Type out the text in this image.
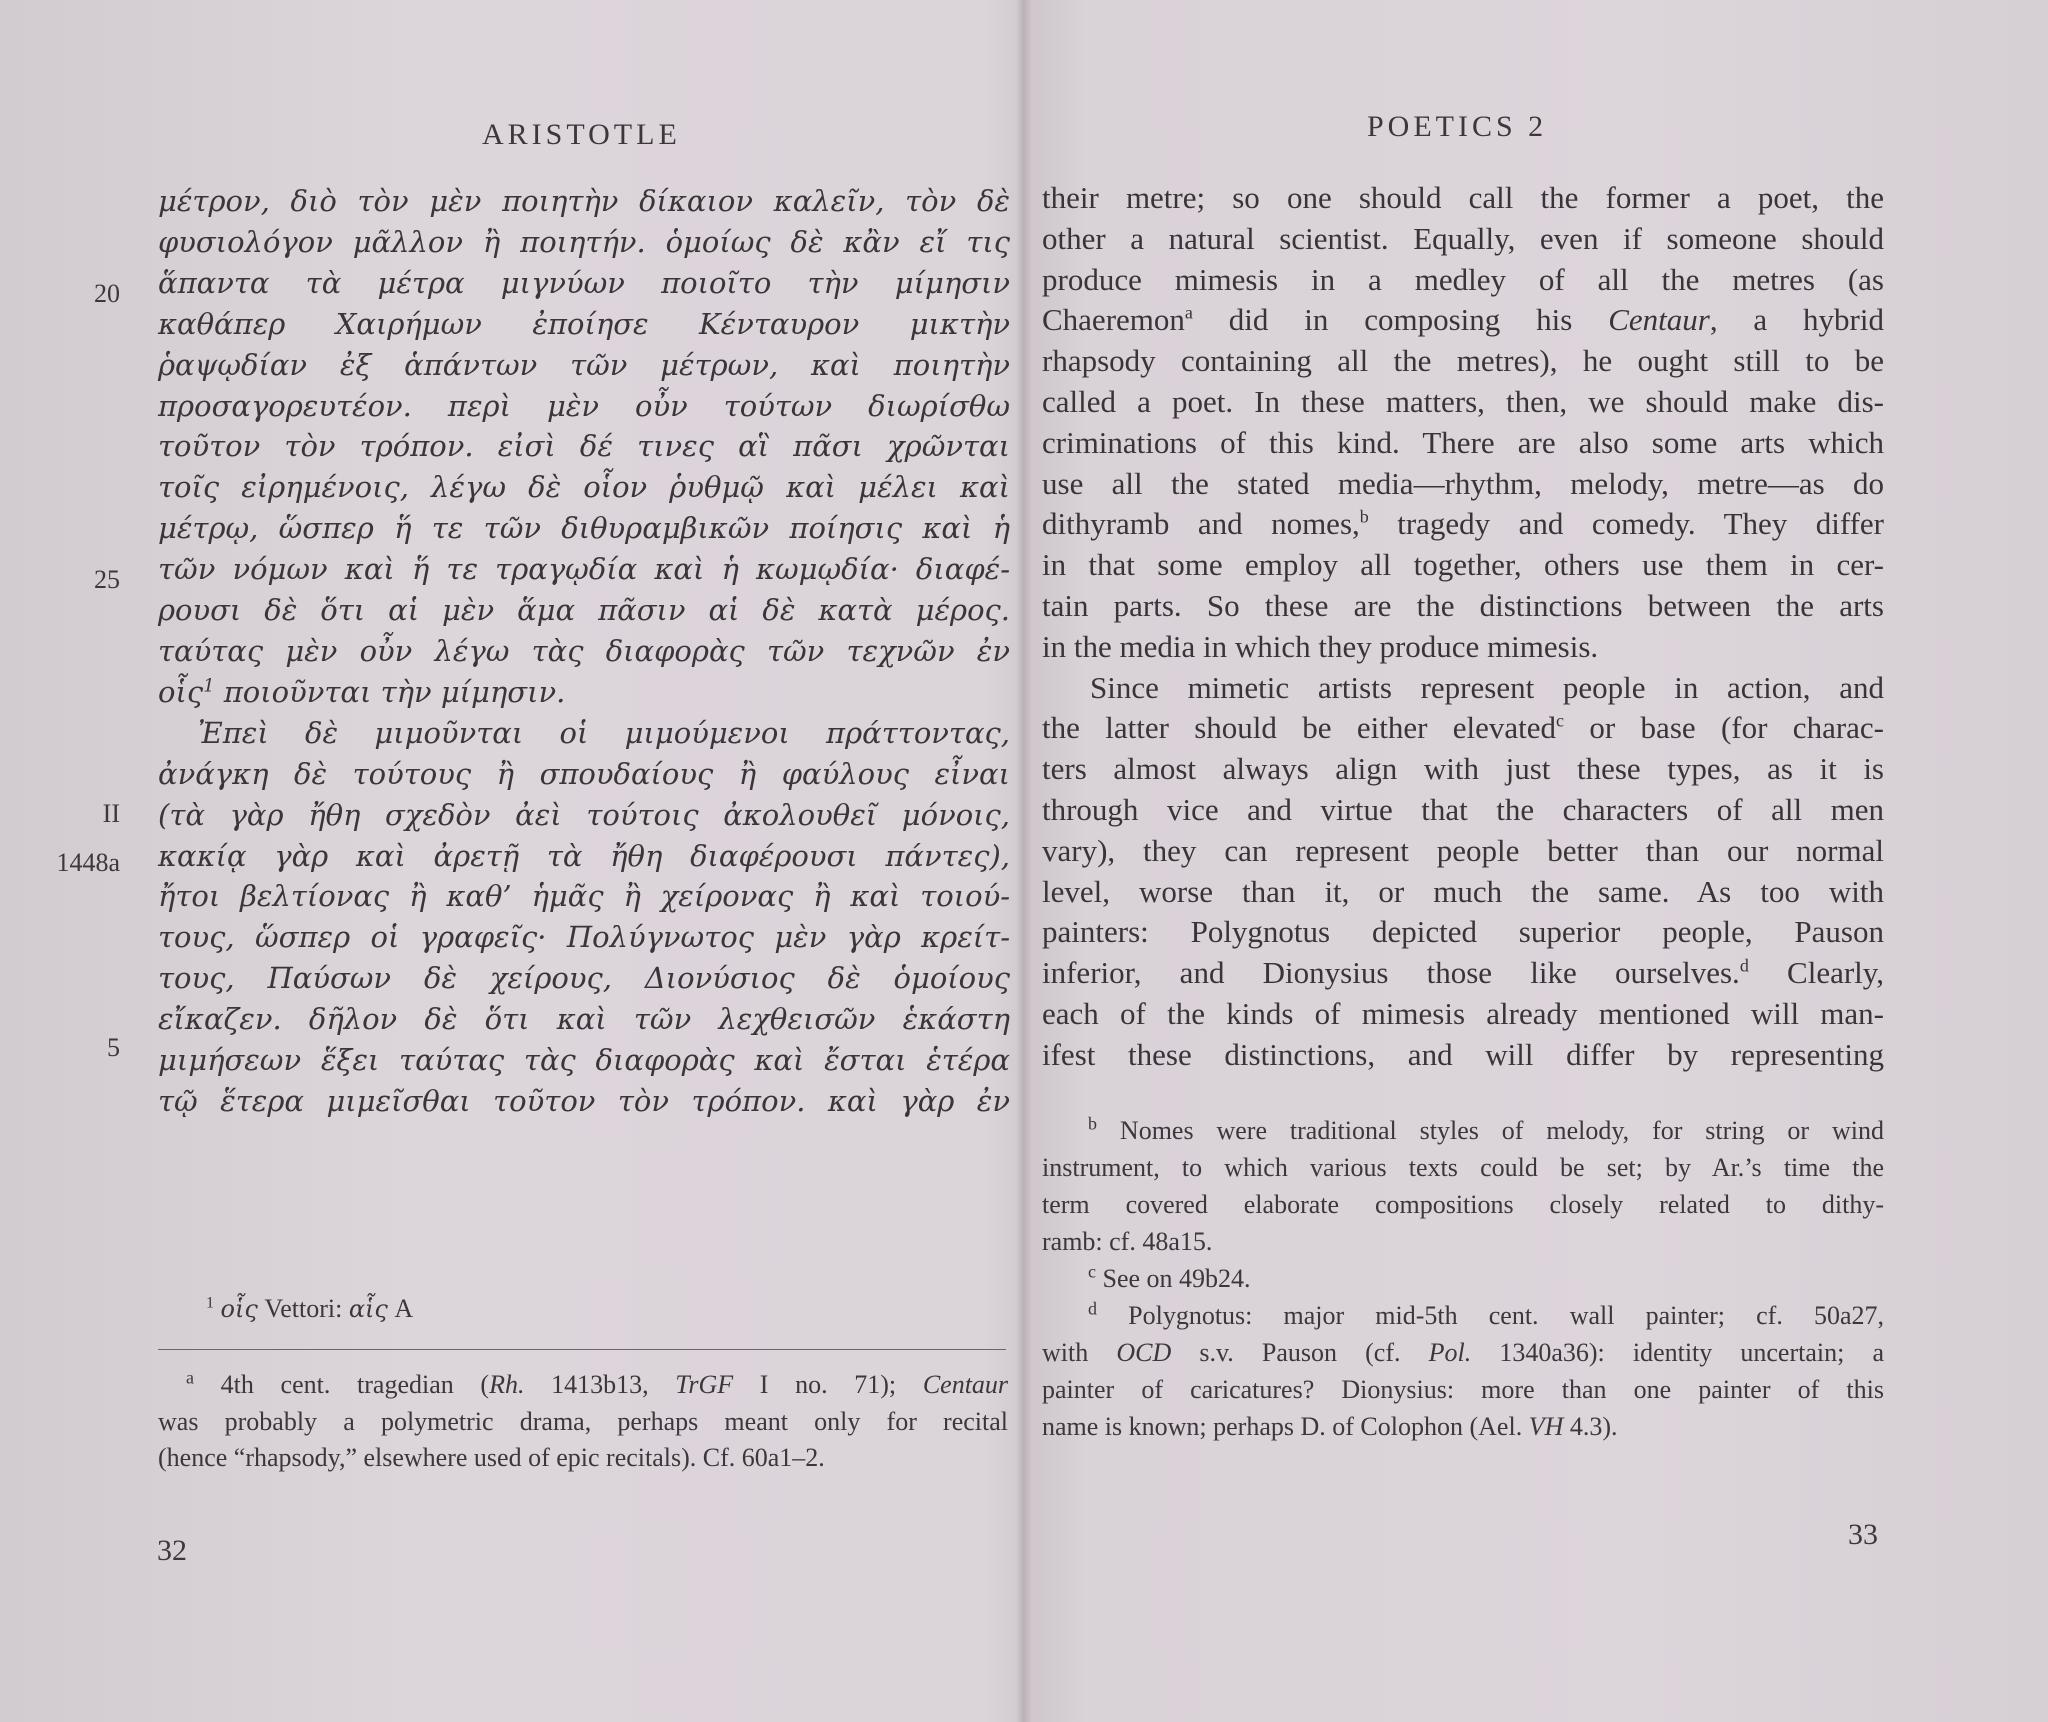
ARISTOTLE
20
25
II
1448a
5
μέτρον, διὸ τὸν μὲν ποιητὴν δίκαιον καλεῖν, τὸν δὲ
φυσιολόγον μᾶλλον ἢ ποιητήν. ὁμοίως δὲ κἂν εἴ τις
ἅπαντα τὰ μέτρα μιγνύων ποιοῖτο τὴν μίμησιν
καθάπερ Χαιρήμων ἐποίησε Κένταυρον μικτὴν
ῥαψῳδίαν ἐξ ἁπάντων τῶν μέτρων, καὶ ποιητὴν
προσαγορευτέον. περὶ μὲν οὖν τούτων διωρίσθω
τοῦτον τὸν τρόπον. εἰσὶ δέ τινες αἳ πᾶσι χρῶνται
τοῖς εἰρημένοις, λέγω δὲ οἷον ῥυθμῷ καὶ μέλει καὶ
μέτρῳ, ὥσπερ ἥ τε τῶν διθυραμβικῶν ποίησις καὶ ἡ
τῶν νόμων καὶ ἥ τε τραγῳδία καὶ ἡ κωμῳδία· διαφέ-
ρουσι δὲ ὅτι αἱ μὲν ἅμα πᾶσιν αἱ δὲ κατὰ μέρος.
ταύτας μὲν οὖν λέγω τὰς διαφορὰς τῶν τεχνῶν ἐν
οἷς$^1$ ποιοῦνται τὴν μίμησιν.
Ἐπεὶ δὲ μιμοῦνται οἱ μιμούμενοι πράττοντας,
ἀνάγκη δὲ τούτους ἢ σπουδαίους ἢ φαύλους εἶναι
(τὰ γὰρ ἤθη σχεδὸν ἀεὶ τούτοις ἀκολουθεῖ μόνοις,
κακίᾳ γὰρ καὶ ἀρετῇ τὰ ἤθη διαφέρουσι πάντες),
ἤτοι βελτίονας ἢ καθ’ ἡμᾶς ἢ χείρονας ἢ καὶ τοιού-
τους, ὥσπερ οἱ γραφεῖς· Πολύγνωτος μὲν γὰρ κρείτ-
τους, Παύσων δὲ χείρους, Διονύσιος δὲ ὁμοίους
εἴκαζεν. δῆλον δὲ ὅτι καὶ τῶν λεχθεισῶν ἑκάστη
μιμήσεων ἕξει ταύτας τὰς διαφορὰς καὶ ἔσται ἑτέρα
τῷ ἕτερα μιμεῖσθαι τοῦτον τὸν τρόπον. καὶ γὰρ ἐν
$^1$ οἷς Vettori: αἷς A
$^a$ 4th cent. tragedian (Rh. 1413b13, TrGF I no. 71); Centaur
was probably a polymetric drama, perhaps meant only for recital
(hence “rhapsody,” elsewhere used of epic recitals). Cf. 60a1–2.
32
POETICS 2
their metre; so one should call the former a poet, the
other a natural scientist. Equally, even if someone should
produce mimesis in a medley of all the metres (as
Chaeremon$^a$ did in composing his Centaur, a hybrid
rhapsody containing all the metres), he ought still to be
called a poet. In these matters, then, we should make dis-
criminations of this kind. There are also some arts which
use all the stated media—rhythm, melody, metre—as do
dithyramb and nomes,$^b$ tragedy and comedy. They differ
in that some employ all together, others use them in cer-
tain parts. So these are the distinctions between the arts
in the media in which they produce mimesis.
Since mimetic artists represent people in action, and
the latter should be either elevated$^c$ or base (for charac-
ters almost always align with just these types, as it is
through vice and virtue that the characters of all men
vary), they can represent people better than our normal
level, worse than it, or much the same. As too with
painters: Polygnotus depicted superior people, Pauson
inferior, and Dionysius those like ourselves.$^d$ Clearly,
each of the kinds of mimesis already mentioned will man-
ifest these distinctions, and will differ by representing
$^b$ Nomes were traditional styles of melody, for string or wind
instrument, to which various texts could be set; by Ar.’s time the
term covered elaborate compositions closely related to dithy-
ramb: cf. 48a15.
$^c$ See on 49b24.
$^d$ Polygnotus: major mid-5th cent. wall painter; cf. 50a27,
with OCD s.v. Pauson (cf. Pol. 1340a36): identity uncertain; a
painter of caricatures? Dionysius: more than one painter of this
name is known; perhaps D. of Colophon (Ael. VH 4.3).
33
